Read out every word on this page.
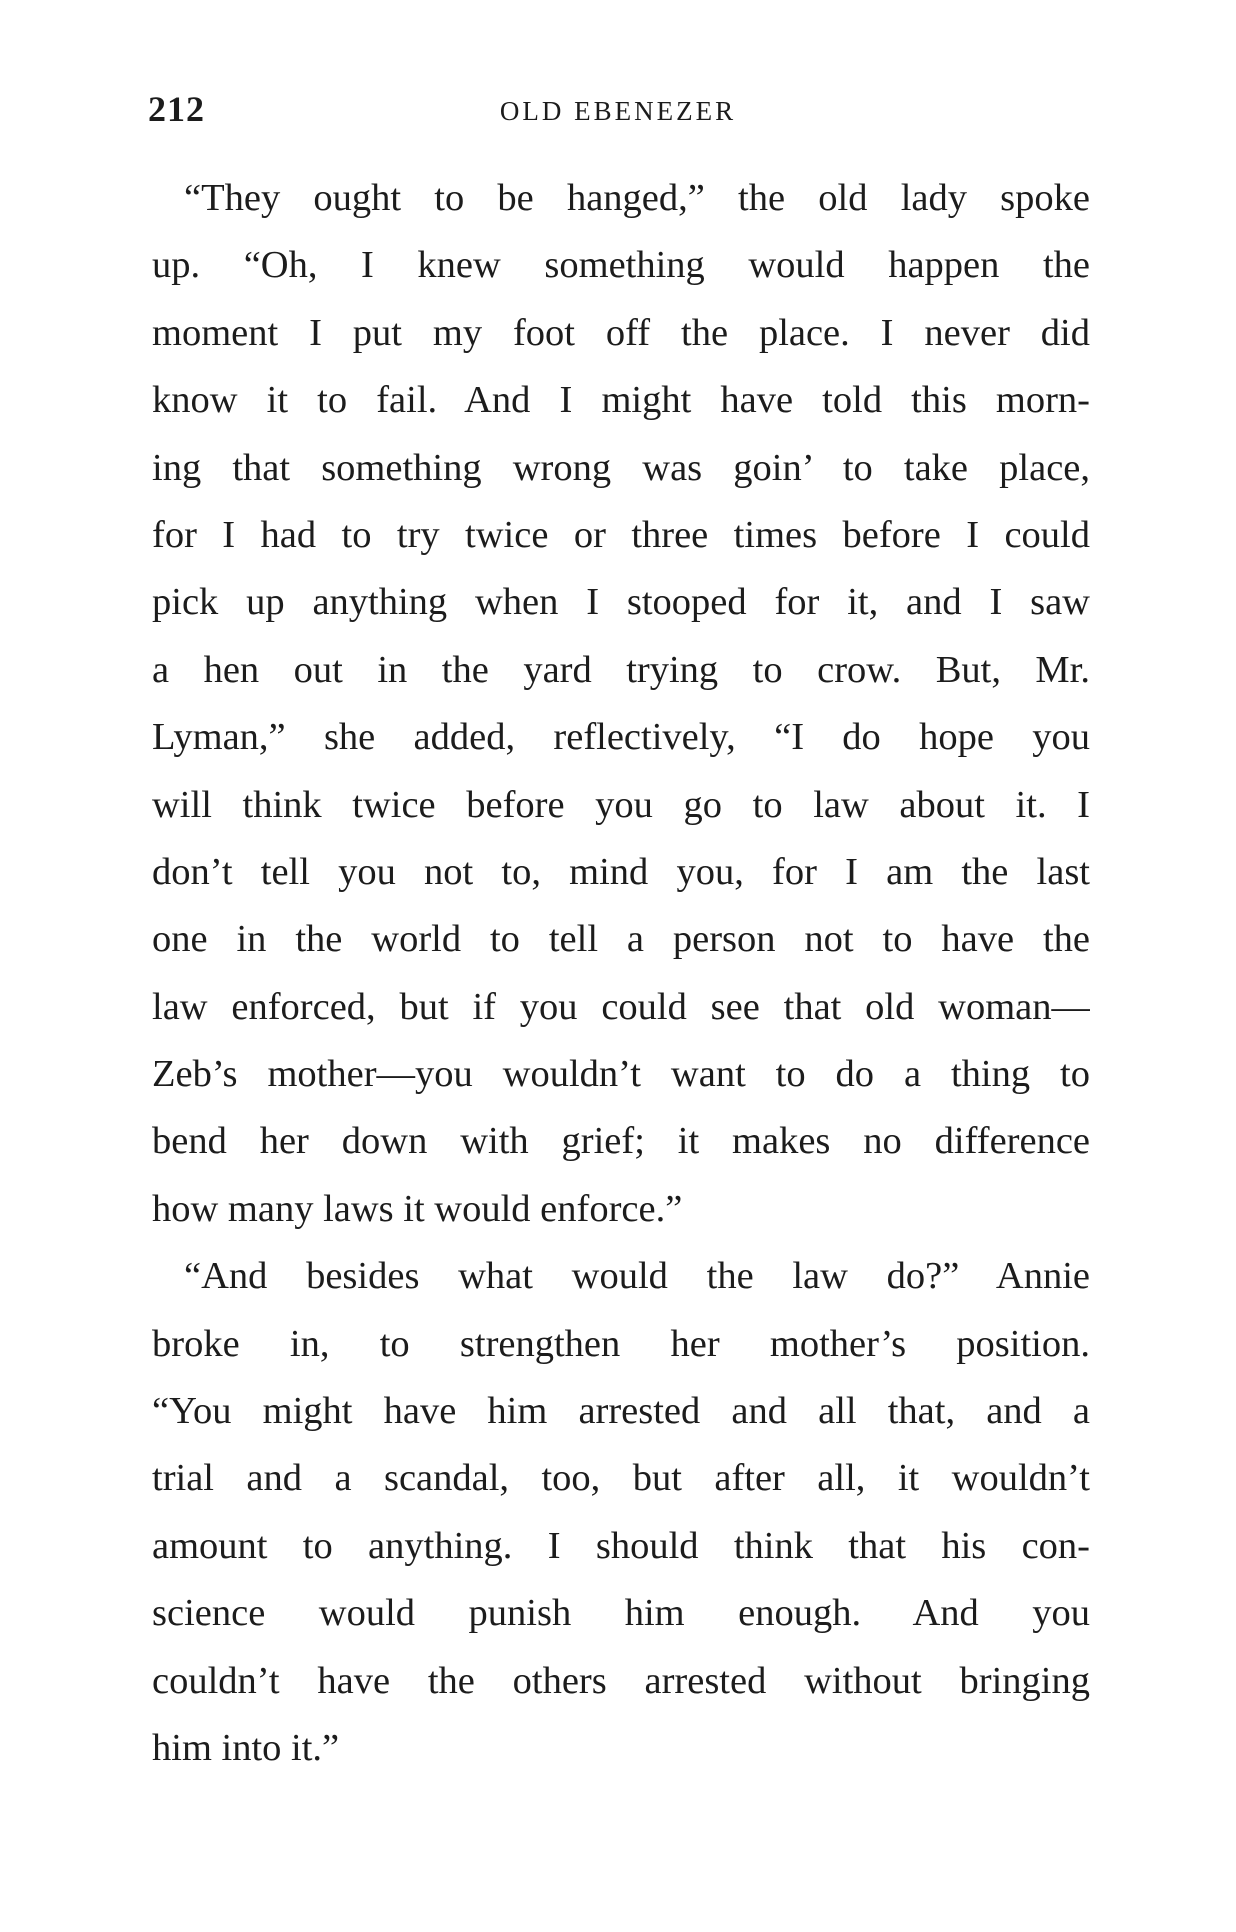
212	OLD EBENEZER
“They ought to be hanged,” the old lady spoke
up. “Oh, I knew something would happen the
moment I put my foot off the place. I never did
know it to fail. And I might have told this morn-
ing that something wrong was goin’ to take place,
for I had to try twice or three times before I could
pick up anything when I stooped for it, and I saw
a hen out in the yard trying to crow. But, Mr.
Lyman,” she added, reflectively, “I do hope you
will think twice before you go to law about it. I
don’t tell you not to, mind you, for I am the last
one in the world to tell a person not to have the
law enforced, but if you could see that old woman—
Zeb’s mother—you wouldn’t want to do a thing to
bend her down with grief; it makes no difference
how many laws it would enforce.”
“And besides what would the law do?” Annie
broke in, to strengthen her mother’s position.
“You might have him arrested and all that, and a
trial and a scandal, too, but after all, it wouldn’t
amount to anything. I should think that his con-
science would punish him enough. And you
couldn’t have the others arrested without bringing
him into it.”
